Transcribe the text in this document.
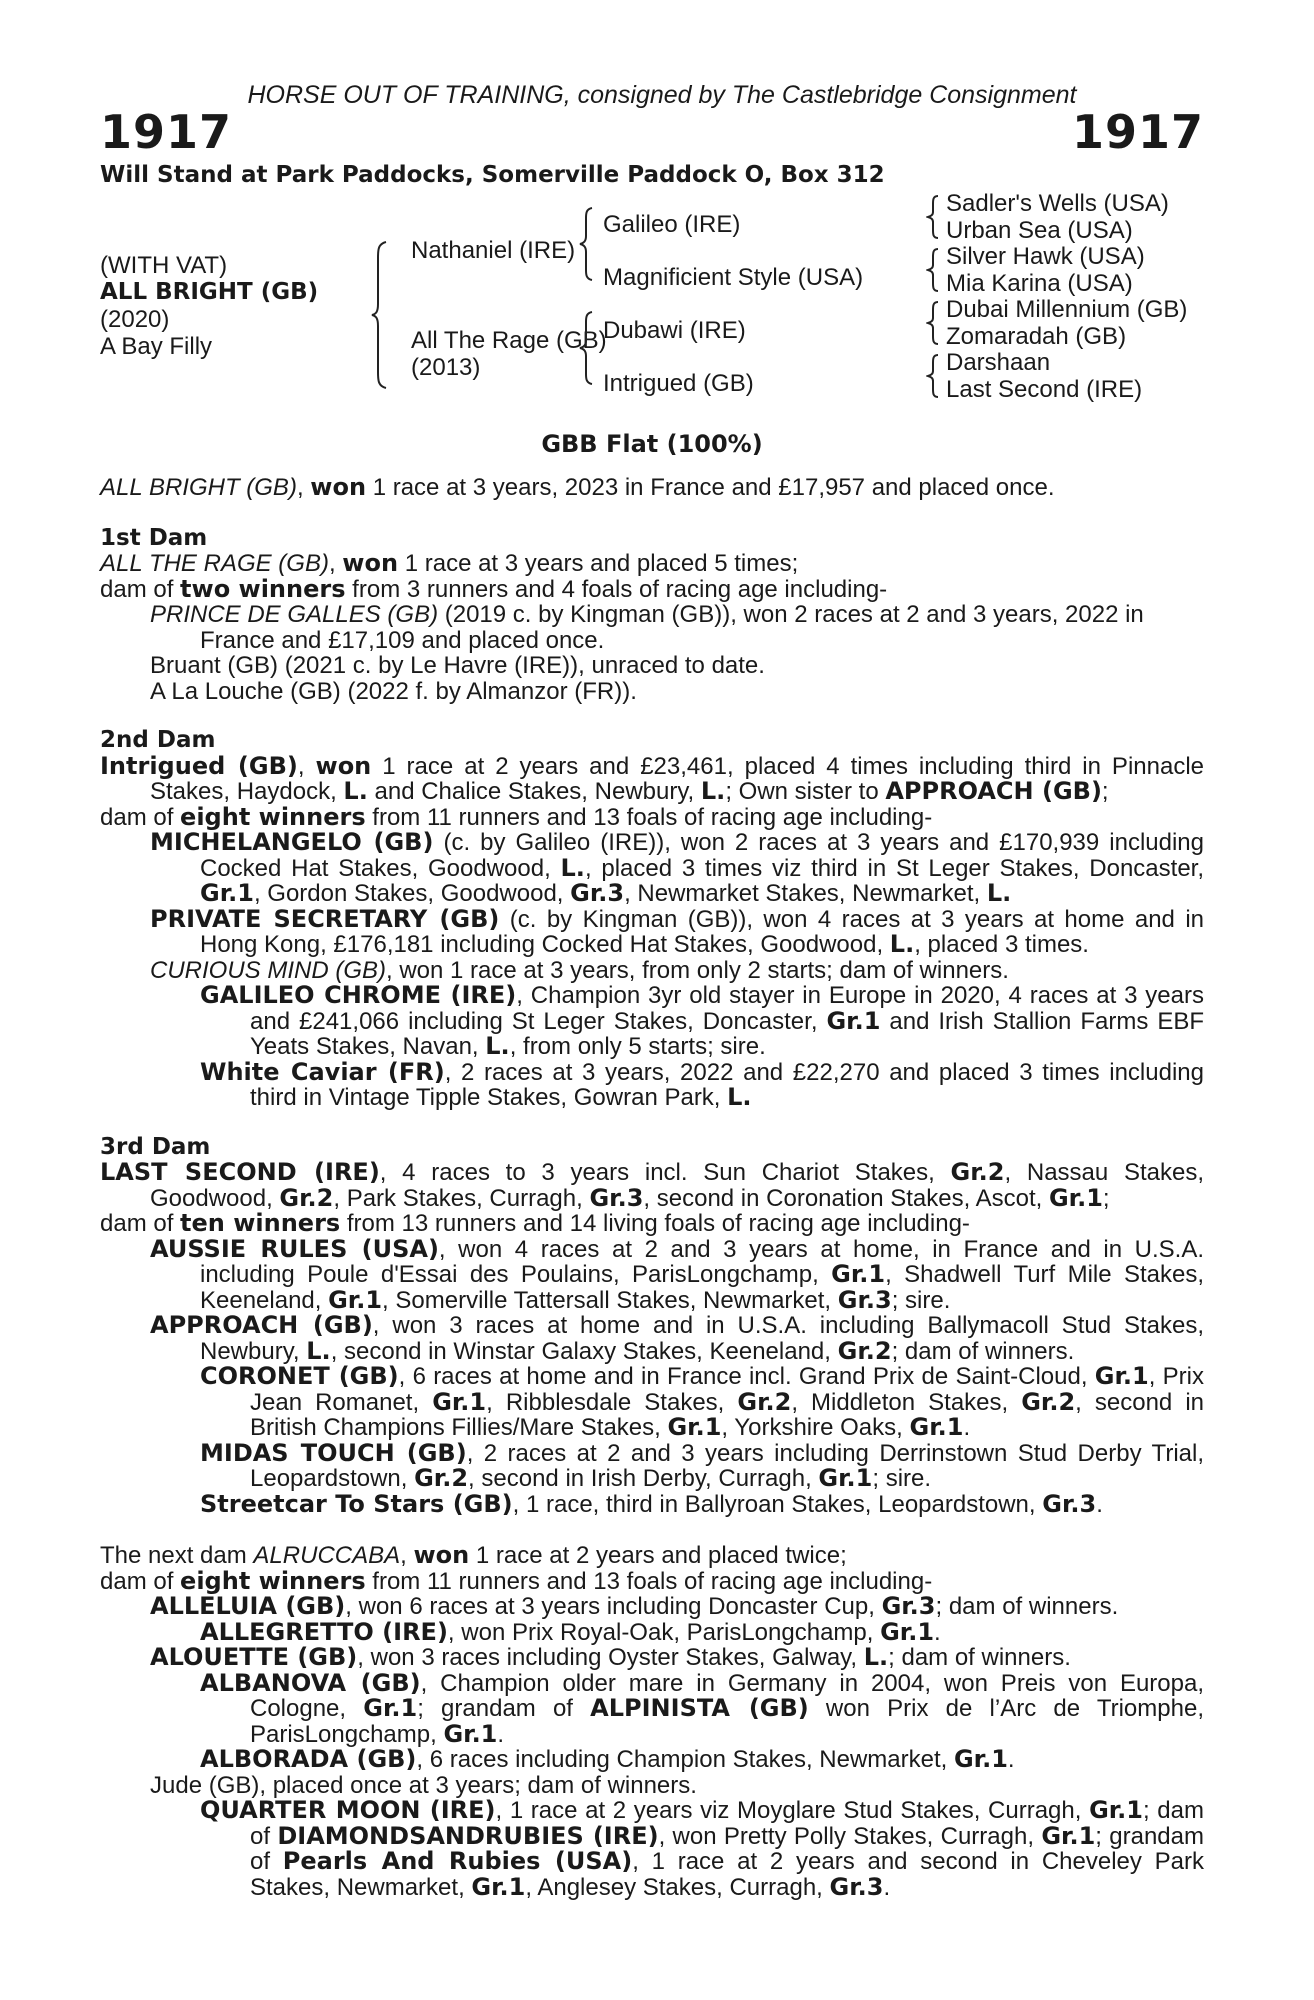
HORSE OUT OF TRAINING, consigned by The Castlebridge Consignment
1917	1917
Will Stand at Park Paddocks, Somerville Paddock O, Box 312
(WITH VAT)
ALL BRIGHT (GB)
(2020)
A Bay Filly
Nathaniel (IRE)
All The Rage (GB)
(2013)
Galileo (IRE)
Magnificient Style (USA)
Dubawi (IRE)
Intrigued (GB)
Sadler's Wells (USA)
Urban Sea (USA)
Silver Hawk (USA)
Mia Karina (USA)
Dubai Millennium (GB)
Zomaradah (GB)
Darshaan
Last Second (IRE)
GBB Flat (100%)

ALL BRIGHT (GB), won 1 race at 3 years, 2023 in France and £17,957 and placed once.

1st Dam

ALL THE RAGE (GB), won 1 race at 3 years and placed 5 times;

dam of two winners from 3 runners and 4 foals of racing age including-

PRINCE DE GALLES (GB) (2019 c. by Kingman (GB)), won 2 races at 2 and 3 years, 2022 in France and £17,109 and placed once.

Bruant (GB) (2021 c. by Le Havre (IRE)), unraced to date.

A La Louche (GB) (2022 f. by Almanzor (FR)).

2nd Dam

Intrigued (GB), won 1 race at 2 years and £23,461, placed 4 times including third in Pinnacle Stakes, Haydock, L. and Chalice Stakes, Newbury, L.; Own sister to APPROACH (GB);

dam of eight winners from 11 runners and 13 foals of racing age including-

MICHELANGELO (GB) (c. by Galileo (IRE)), won 2 races at 3 years and £170,939 including Cocked Hat Stakes, Goodwood, L., placed 3 times viz third in St Leger Stakes, Doncaster, Gr.1, Gordon Stakes, Goodwood, Gr.3, Newmarket Stakes, Newmarket, L.

PRIVATE SECRETARY (GB) (c. by Kingman (GB)), won 4 races at 3 years at home and in Hong Kong, £176,181 including Cocked Hat Stakes, Goodwood, L., placed 3 times.

CURIOUS MIND (GB), won 1 race at 3 years, from only 2 starts; dam of winners.

GALILEO CHROME (IRE), Champion 3yr old stayer in Europe in 2020, 4 races at 3 years and £241,066 including St Leger Stakes, Doncaster, Gr.1 and Irish Stallion Farms EBF Yeats Stakes, Navan, L., from only 5 starts; sire.

White Caviar (FR), 2 races at 3 years, 2022 and £22,270 and placed 3 times including third in Vintage Tipple Stakes, Gowran Park, L.

3rd Dam

LAST SECOND (IRE), 4 races to 3 years incl. Sun Chariot Stakes, Gr.2, Nassau Stakes, Goodwood, Gr.2, Park Stakes, Curragh, Gr.3, second in Coronation Stakes, Ascot, Gr.1;

dam of ten winners from 13 runners and 14 living foals of racing age including-

AUSSIE RULES (USA), won 4 races at 2 and 3 years at home, in France and in U.S.A. including Poule d'Essai des Poulains, ParisLongchamp, Gr.1, Shadwell Turf Mile Stakes, Keeneland, Gr.1, Somerville Tattersall Stakes, Newmarket, Gr.3; sire.

APPROACH (GB), won 3 races at home and in U.S.A. including Ballymacoll Stud Stakes, Newbury, L., second in Winstar Galaxy Stakes, Keeneland, Gr.2; dam of winners.

CORONET (GB), 6 races at home and in France incl. Grand Prix de Saint-Cloud, Gr.1, Prix Jean Romanet, Gr.1, Ribblesdale Stakes, Gr.2, Middleton Stakes, Gr.2, second in British Champions Fillies/Mare Stakes, Gr.1, Yorkshire Oaks, Gr.1.

MIDAS TOUCH (GB), 2 races at 2 and 3 years including Derrinstown Stud Derby Trial, Leopardstown, Gr.2, second in Irish Derby, Curragh, Gr.1; sire.

Streetcar To Stars (GB), 1 race, third in Ballyroan Stakes, Leopardstown, Gr.3.

The next dam ALRUCCABA, won 1 race at 2 years and placed twice;

dam of eight winners from 11 runners and 13 foals of racing age including-

ALLELUIA (GB), won 6 races at 3 years including Doncaster Cup, Gr.3; dam of winners.

ALLEGRETTO (IRE), won Prix Royal-Oak, ParisLongchamp, Gr.1.

ALOUETTE (GB), won 3 races including Oyster Stakes, Galway, L.; dam of winners.

ALBANOVA (GB), Champion older mare in Germany in 2004, won Preis von Europa, Cologne, Gr.1; grandam of ALPINISTA (GB) won Prix de l’Arc de Triomphe, ParisLongchamp, Gr.1.

ALBORADA (GB), 6 races including Champion Stakes, Newmarket, Gr.1.

Jude (GB), placed once at 3 years; dam of winners.

QUARTER MOON (IRE), 1 race at 2 years viz Moyglare Stud Stakes, Curragh, Gr.1; dam of DIAMONDSANDRUBIES (IRE), won Pretty Polly Stakes, Curragh, Gr.1; grandam of Pearls And Rubies (USA), 1 race at 2 years and second in Cheveley Park Stakes, Newmarket, Gr.1, Anglesey Stakes, Curragh, Gr.3.
